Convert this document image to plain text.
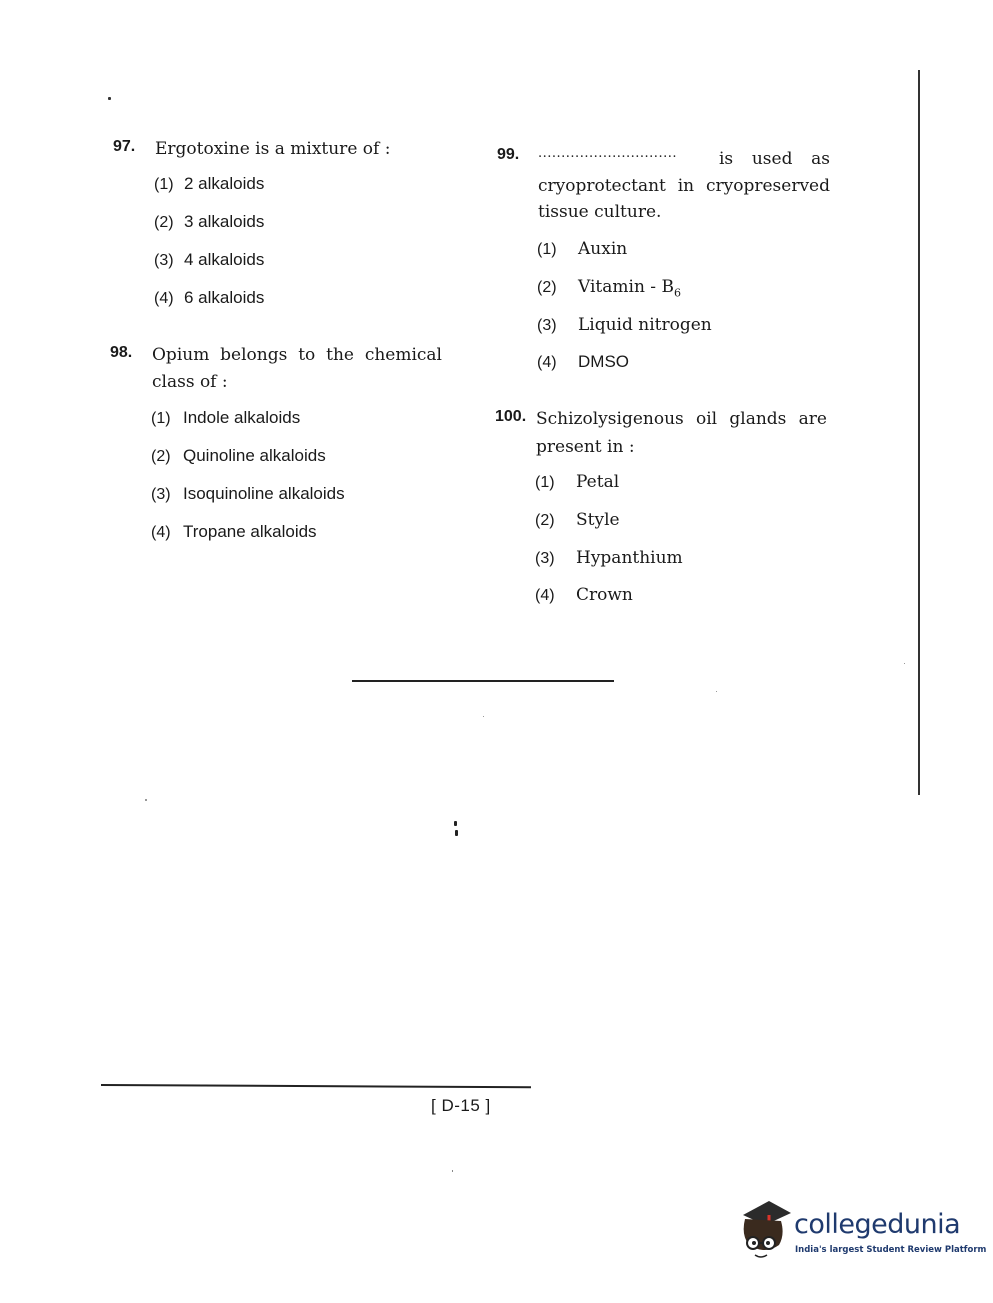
97. Ergotoxine is a mixture of :
(1) 2 alkaloids
(2) 3 alkaloids
(3) 4 alkaloids
(4) 6 alkaloids
98. Opium belongs to the chemical
class of :
(1) Indole alkaloids
(2) Quinoline alkaloids
(3) Isoquinoline alkaloids
(4) Tropane alkaloids
99. .............................. is used as
cryoprotectant in cryopreserved
tissue culture.
(1) Auxin
(2) Vitamin - $B_6$
(3) Liquid nitrogen
(4) DMSO
100. Schizolysigenous oil glands are
present in :
(1) Petal
(2) Style
(3) Hypanthium
(4) Crown
[ D-15 ]
collegedunia
India's largest Student Review Platform
